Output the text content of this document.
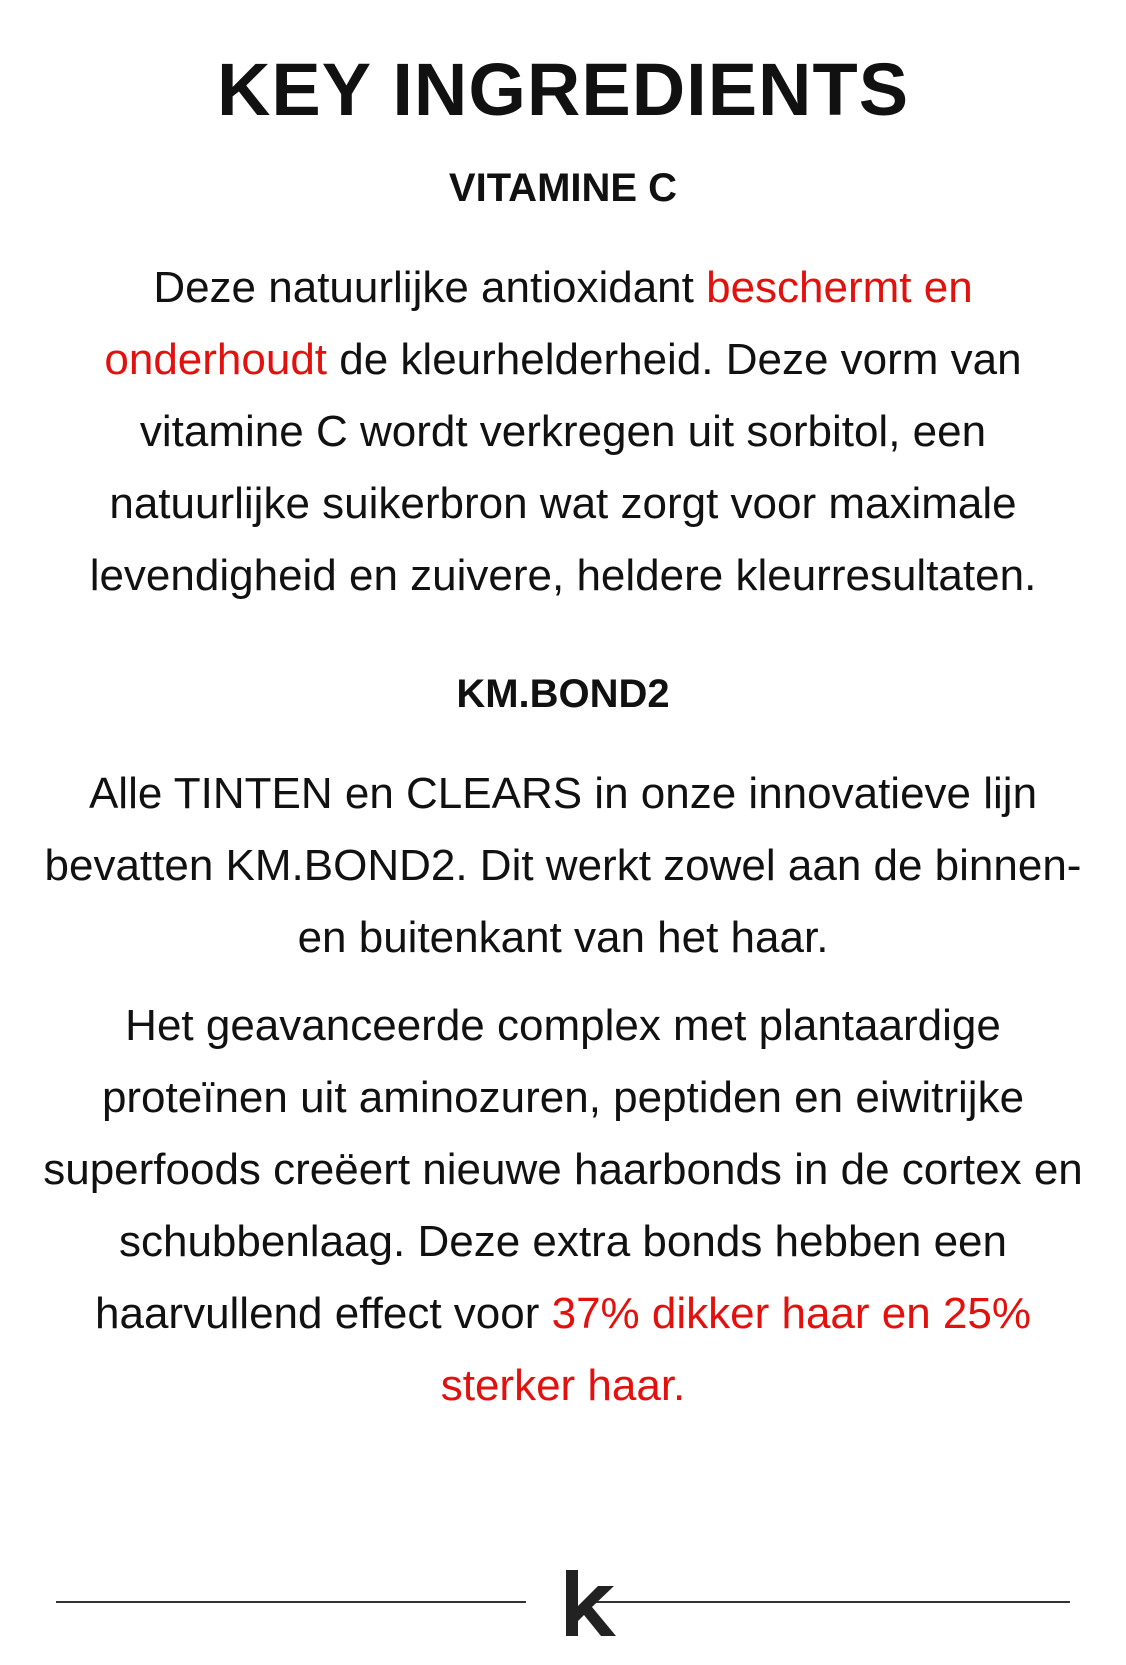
KEY INGREDIENTS
VITAMINE C

Deze natuurlijke antioxidant beschermt en onderhoudt de kleurhelderheid. Deze vorm van vitamine C wordt verkregen uit sorbitol, een natuurlijke suikerbron wat zorgt voor maximale levendigheid en zuivere, heldere kleurresultaten.

KM.BOND2

Alle TINTEN en CLEARS in onze innovatieve lijn bevatten KM.BOND2. Dit werkt zowel aan de binnen- en buitenkant van het haar.

Het geavanceerde complex met plantaardige proteïnen uit aminozuren, peptiden en eiwitrijke superfoods creëert nieuwe haarbonds in de cortex en schubbenlaag. Deze extra bonds hebben een haarvullend effect voor 37% dikker haar en 25% sterker haar.
